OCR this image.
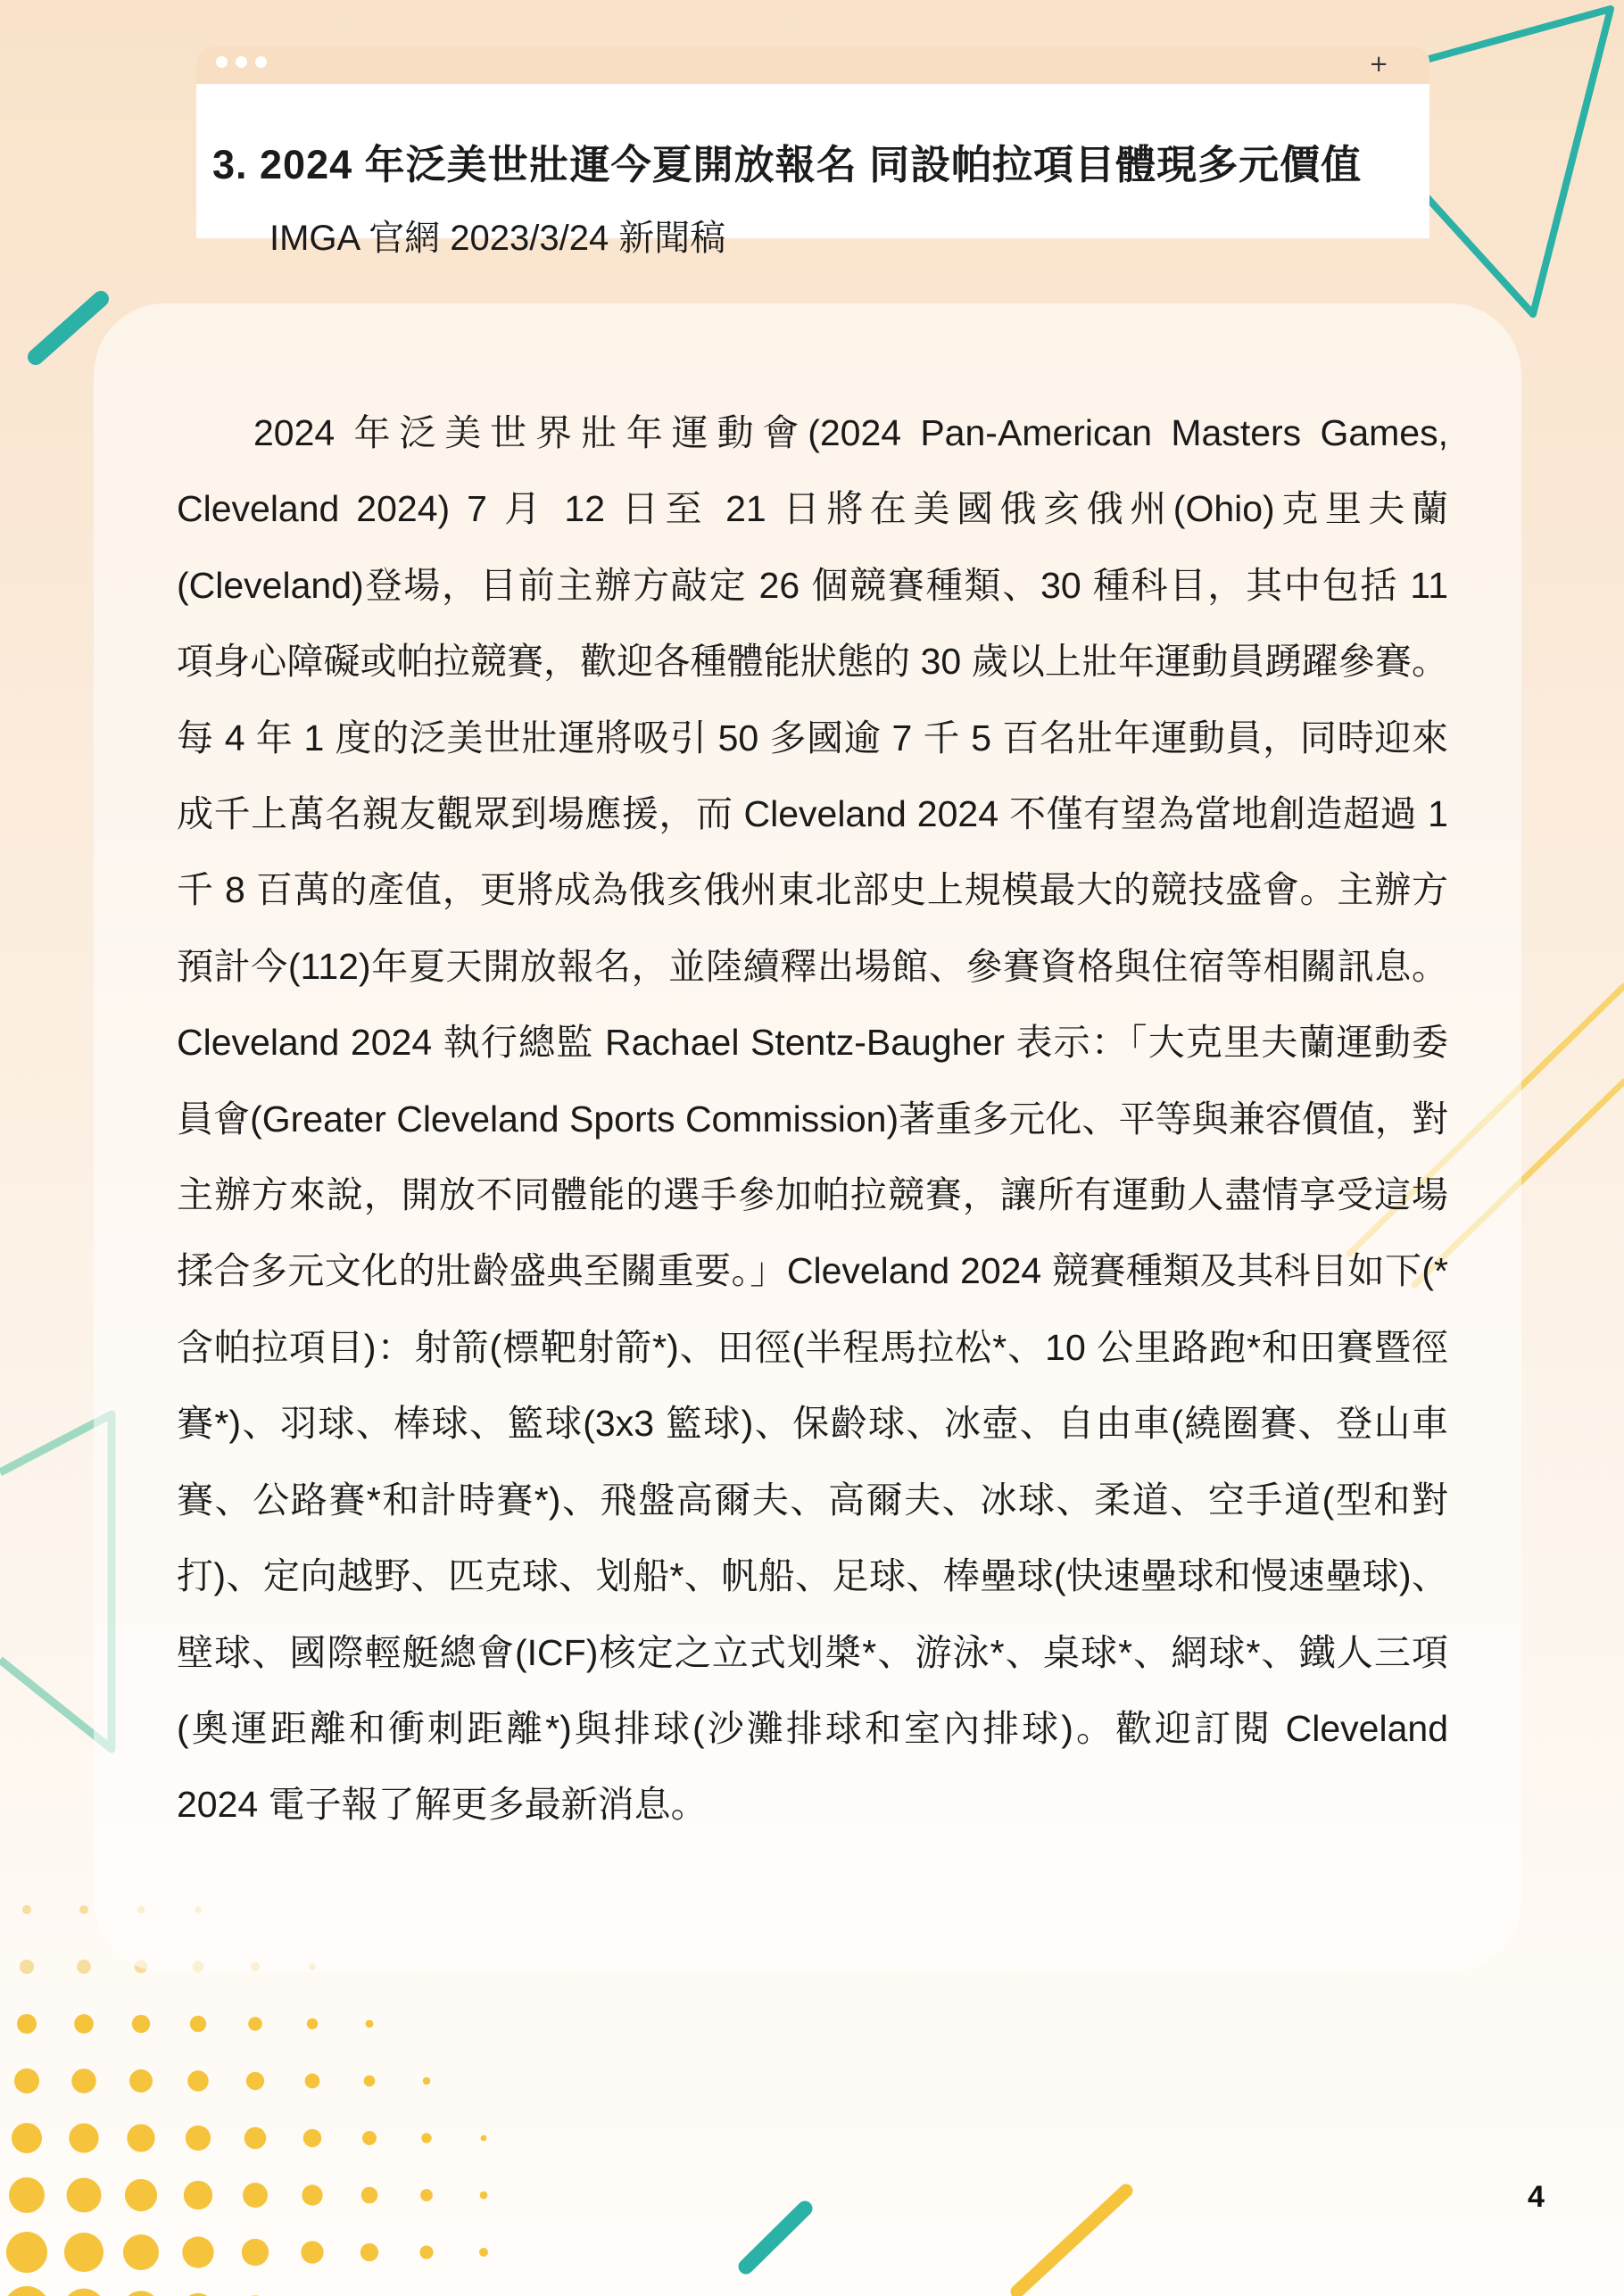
+
3. 2024 年泛美世壯運今夏開放報名 同設帕拉項目體現多元價值
IMGA 官網 2023/3/24 新聞稿

2024 年泛美世界壯年運動會(2024 Pan-American Masters Games, Cleveland 2024) 7 月 12 日至 21 日將在美國俄亥俄州(Ohio)克里夫蘭(Cleveland)登場，目前主辦方敲定 26 個競賽種類、30 種科目，其中包括 11 項身心障礙或帕拉競賽，歡迎各種體能狀態的 30 歲以上壯年運動員踴躍參賽。每 4 年 1 度的泛美世壯運將吸引 50 多國逾 7 千 5 百名壯年運動員，同時迎來成千上萬名親友觀眾到場應援，而 Cleveland 2024 不僅有望為當地創造超過 1 千 8 百萬的產值，更將成為俄亥俄州東北部史上規模最大的競技盛會。主辦方預計今(112)年夏天開放報名，並陸續釋出場館、參賽資格與住宿等相關訊息。Cleveland 2024 執行總監 Rachael Stentz-Baugher 表示：「大克里夫蘭運動委員會(Greater Cleveland Sports Commission)著重多元化、平等與兼容價值，對主辦方來說，開放不同體能的選手參加帕拉競賽，讓所有運動人盡情享受這場揉合多元文化的壯齡盛典至關重要。」Cleveland 2024 競賽種類及其科目如下(*含帕拉項目)：射箭(標靶射箭*)、田徑(半程馬拉松*、10 公里路跑*和田賽暨徑賽*)、羽球、棒球、籃球(3x3 籃球)、保齡球、冰壺、自由車(繞圈賽、登山車賽、公路賽*和計時賽*)、飛盤高爾夫、高爾夫、冰球、柔道、空手道(型和對打)、定向越野、匹克球、划船*、帆船、足球、棒壘球(快速壘球和慢速壘球)、壁球、國際輕艇總會(ICF)核定之立式划槳*、游泳*、桌球*、網球*、鐵人三項(奧運距離和衝刺距離*)與排球(沙灘排球和室內排球)。歡迎訂閱 Cleveland 2024 電子報了解更多最新消息。

4
